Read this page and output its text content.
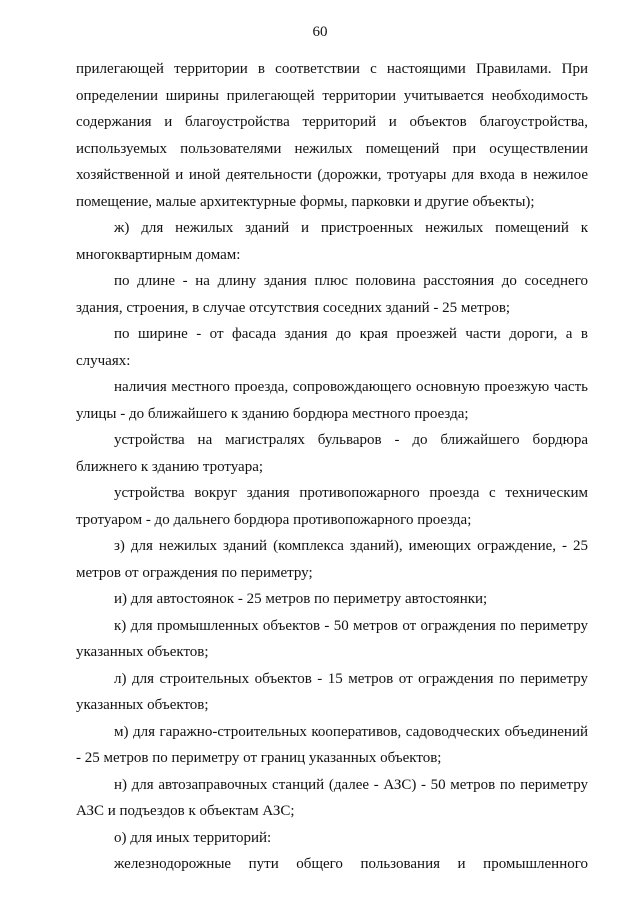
60

прилегающей территории в соответствии с настоящими Правилами. При определении ширины прилегающей территории учитывается необходимость содержания и благоустройства территорий и объектов благоустройства, используемых пользователями нежилых помещений при осуществлении хозяйственной и иной деятельности (дорожки, тротуары для входа в нежилое помещение, малые архитектурные формы, парковки и другие объекты);

ж) для нежилых зданий и пристроенных нежилых помещений к многоквартирным домам:

по длине - на длину здания плюс половина расстояния до соседнего здания, строения, в случае отсутствия соседних зданий - 25 метров;

по ширине - от фасада здания до края проезжей части дороги, а в случаях:

наличия местного проезда, сопровождающего основную проезжую часть улицы - до ближайшего к зданию бордюра местного проезда;

устройства на магистралях бульваров - до ближайшего бордюра ближнего к зданию тротуара;

устройства вокруг здания противопожарного проезда с техническим тротуаром - до дальнего бордюра противопожарного проезда;

з) для нежилых зданий (комплекса зданий), имеющих ограждение, - 25 метров от ограждения по периметру;

и) для автостоянок - 25 метров по периметру автостоянки;

к) для промышленных объектов - 50 метров от ограждения по периметру указанных объектов;

л) для строительных объектов - 15 метров от ограждения по периметру указанных объектов;

м) для гаражно-строительных кооперативов, садоводческих объединений - 25 метров по периметру от границ указанных объектов;

н) для автозаправочных станций (далее - АЗС) - 50 метров по периметру АЗС и подъездов к объектам АЗС;

о) для иных территорий:

железнодорожные пути общего пользования и промышленного
